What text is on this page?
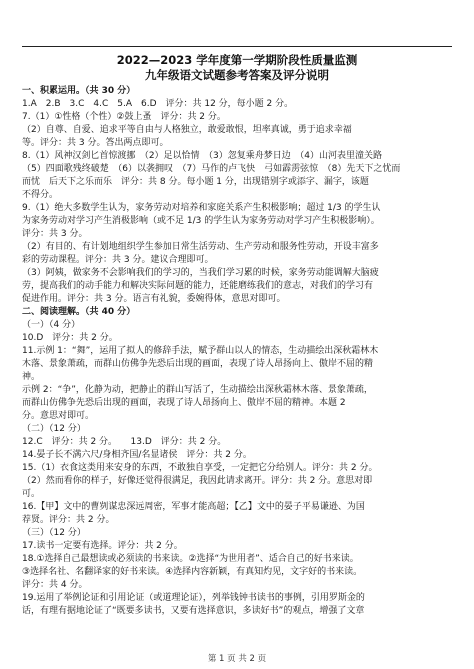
2022—2023 学年度第一学期阶段性质量监测
九年级语文试题参考答案及评分说明
一、积累运用。（共 30 分）
1.A　2.B　3.C　4.C　5.A　6.D　评分：共 12 分，每小题 2 分。
7.（1）①性格（个性）②鼓上蚤　评分：共 2 分。
（2）自尊、自爱、追求平等自由与人格独立，敢爱敢恨，坦率真诚，勇于追求幸福
等。评分：共 3 分。答出两点即可。
8.（1）风神汉剑匕首惊渡挪　（2）足以恰情　（3）忽复乘舟梦日边　（4）山河表里潼关路
（5）四面歌残终破楚　（6）以袭拥叹　（7）马作的卢飞快　弓如霹雳弦惊　（8）先天下之忧而
而忧　后天下之乐而乐　评分：共 8 分。每小题 1 分，出现错别字或添字、漏字，该题
不得分。
9.（1）绝大多数学生认为，家务劳动对培养和家庭关系产生积极影响；超过 1/3 的学生认
为家务劳动对学习产生消极影响（或不足 1/3 的学生认为家务劳动对学习产生积极影响）。
评分：共 3 分。
（2）有目的、有计划地组织学生参加日常生活劳动、生产劳动和服务性劳动，开设丰富多
彩的劳动课程。评分：共 3 分。建议合理即可。
（3）阿姨，做家务不会影响我们的学习的，当我们学习累的时候，家务劳动能调解大脑疲
劳，提高我们的动手能力和解决实际问题的能力，还能磨练我们的意志，对我们的学习有
促进作用。评分：共 3 分。语言有礼貌，委婉得体，意思对即可。
二、阅读理解。（共 40 分）
（一）（4 分）
10.D　评分：共 2 分。
11.示例 1：“舞”，运用了拟人的修辞手法，赋予群山以人的情态，生动描绘出深秋霜林木
木落、景象萧疏，而群山仿佛争先恐后出现的画面，表现了诗人昂扬向上、傲岸不屈的精
神。
示例 2：“争”，化静为动，把静止的群山写活了，生动描绘出深秋霜林木落、景象萧疏，
而群山仿佛争先恐后出现的画面，表现了诗人昂扬向上、傲岸不屈的精神。本题 2
分。意思对即可。
（二）（12 分）
12.C　评分：共 2 分。　　13.D　评分：共 2 分。
14.晏子长不满六尺/身相齐国/名显诸侯　评分：共 2 分。
15.（1）衣食这类用来安身的东西，不敢独自享受，一定把它分给别人。评分：共 2 分。
（2）然而看你的样子，好像还觉得很满足，我因此请求离开。评分：共 2 分。意思对即
可。
16.【甲】文中的曹刿谋忠深远周密，军事才能高超；【乙】文中的晏子平易谦逊、为国
荐贤。评分：共 2 分。
（三）（12 分）
17.读书一定要有选择。评分：共 2 分。
18.①选择自己最想读或必须读的书来读。②选择“为世用者”、适合自己的好书来读。
③选择名社、名翻译家的好书来读。④选择内容新颖，有真知灼见，文字好的书来读。
评分：共 4 分。
19.运用了举例论证和引用论证（或道理论证），列举钱钟书读书的事例，引用罗斯金的
话，有理有据地论证了“既要多读书，又要有选择意识，多读好书”的观点，增强了文章
第 1 页 共 2 页
